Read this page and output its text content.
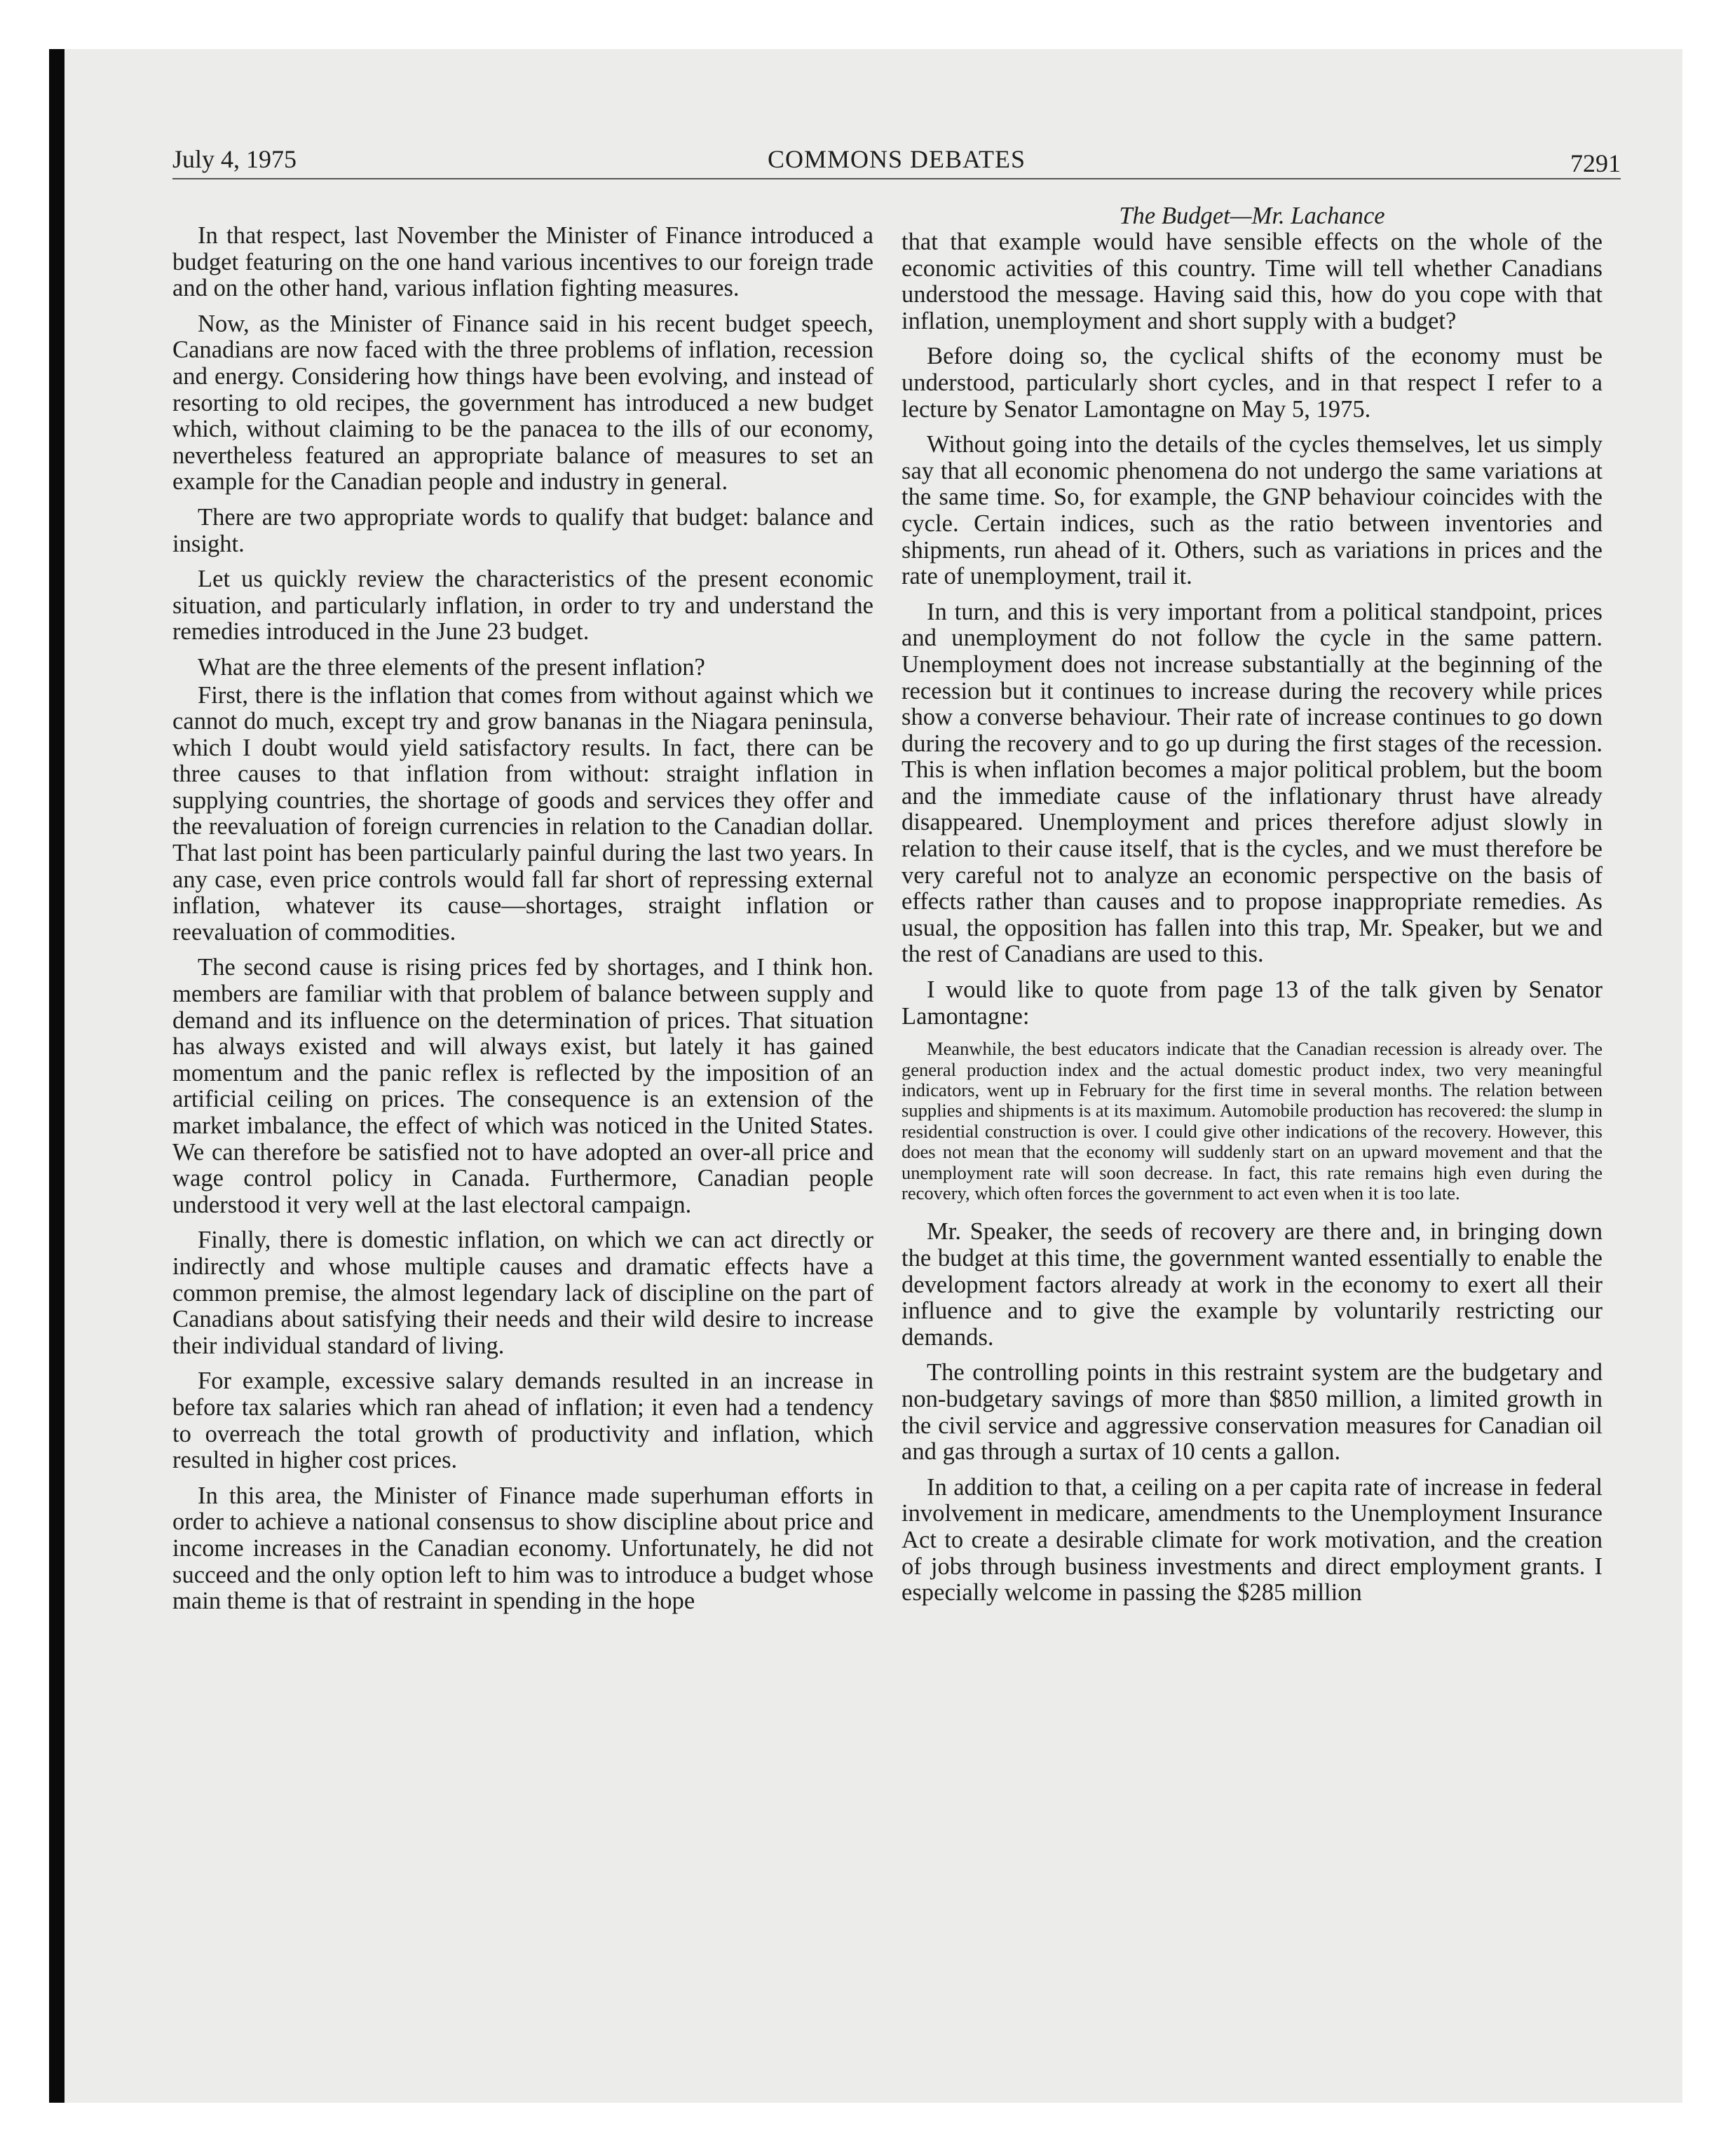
July 4, 1975	COMMONS DEBATES	7291

In that respect, last November the Minister of Finance introduced a budget featuring on the one hand various incentives to our foreign trade and on the other hand, various inflation fighting measures.

Now, as the Minister of Finance said in his recent budget speech, Canadians are now faced with the three problems of inflation, recession and energy. Considering how things have been evolving, and instead of resorting to old recipes, the government has introduced a new budget which, without claiming to be the panacea to the ills of our economy, nevertheless featured an appropriate balance of measures to set an example for the Canadian people and industry in general.

There are two appropriate words to qualify that budget: balance and insight.

Let us quickly review the characteristics of the present economic situation, and particularly inflation, in order to try and understand the remedies introduced in the June 23 budget.

What are the three elements of the present inflation?

First, there is the inflation that comes from without against which we cannot do much, except try and grow bananas in the Niagara peninsula, which I doubt would yield satisfactory results. In fact, there can be three causes to that inflation from without: straight inflation in supplying countries, the shortage of goods and services they offer and the reevaluation of foreign currencies in relation to the Canadian dollar. That last point has been particularly painful during the last two years. In any case, even price controls would fall far short of repressing external inflation, whatever its cause—shortages, straight inflation or reevaluation of commodities.

The second cause is rising prices fed by shortages, and I think hon. members are familiar with that problem of balance between supply and demand and its influence on the determination of prices. That situation has always existed and will always exist, but lately it has gained momentum and the panic reflex is reflected by the imposition of an artificial ceiling on prices. The consequence is an extension of the market imbalance, the effect of which was noticed in the United States. We can therefore be satisfied not to have adopted an over-all price and wage control policy in Canada. Furthermore, Canadian people understood it very well at the last electoral campaign.

Finally, there is domestic inflation, on which we can act directly or indirectly and whose multiple causes and dramatic effects have a common premise, the almost legendary lack of discipline on the part of Canadians about satisfying their needs and their wild desire to increase their individual standard of living.

For example, excessive salary demands resulted in an increase in before tax salaries which ran ahead of inflation; it even had a tendency to overreach the total growth of productivity and inflation, which resulted in higher cost prices.

In this area, the Minister of Finance made superhuman efforts in order to achieve a national consensus to show discipline about price and income increases in the Canadian economy. Unfortunately, he did not succeed and the only option left to him was to introduce a budget whose main theme is that of restraint in spending in the hope

The Budget—Mr. Lachance

that that example would have sensible effects on the whole of the economic activities of this country. Time will tell whether Canadians understood the message. Having said this, how do you cope with that inflation, unemployment and short supply with a budget?

Before doing so, the cyclical shifts of the economy must be understood, particularly short cycles, and in that respect I refer to a lecture by Senator Lamontagne on May 5, 1975.

Without going into the details of the cycles themselves, let us simply say that all economic phenomena do not undergo the same variations at the same time. So, for example, the GNP behaviour coincides with the cycle. Certain indices, such as the ratio between inventories and shipments, run ahead of it. Others, such as variations in prices and the rate of unemployment, trail it.

In turn, and this is very important from a political standpoint, prices and unemployment do not follow the cycle in the same pattern. Unemployment does not increase substantially at the beginning of the recession but it continues to increase during the recovery while prices show a converse behaviour. Their rate of increase continues to go down during the recovery and to go up during the first stages of the recession. This is when inflation becomes a major political problem, but the boom and the immediate cause of the inflationary thrust have already disappeared. Unemployment and prices therefore adjust slowly in relation to their cause itself, that is the cycles, and we must therefore be very careful not to analyze an economic perspective on the basis of effects rather than causes and to propose inappropriate remedies. As usual, the opposition has fallen into this trap, Mr. Speaker, but we and the rest of Canadians are used to this.

I would like to quote from page 13 of the talk given by Senator Lamontagne:

Meanwhile, the best educators indicate that the Canadian recession is already over. The general production index and the actual domestic product index, two very meaningful indicators, went up in February for the first time in several months. The relation between supplies and shipments is at its maximum. Automobile production has recovered: the slump in residential construction is over. I could give other indications of the recovery. However, this does not mean that the economy will suddenly start on an upward movement and that the unemployment rate will soon decrease. In fact, this rate remains high even during the recovery, which often forces the government to act even when it is too late.

Mr. Speaker, the seeds of recovery are there and, in bringing down the budget at this time, the government wanted essentially to enable the development factors already at work in the economy to exert all their influence and to give the example by voluntarily restricting our demands.

The controlling points in this restraint system are the budgetary and non-budgetary savings of more than $850 million, a limited growth in the civil service and aggressive conservation measures for Canadian oil and gas through a surtax of 10 cents a gallon.

In addition to that, a ceiling on a per capita rate of increase in federal involvement in medicare, amendments to the Unemployment Insurance Act to create a desirable climate for work motivation, and the creation of jobs through business investments and direct employment grants. I especially welcome in passing the $285 million
